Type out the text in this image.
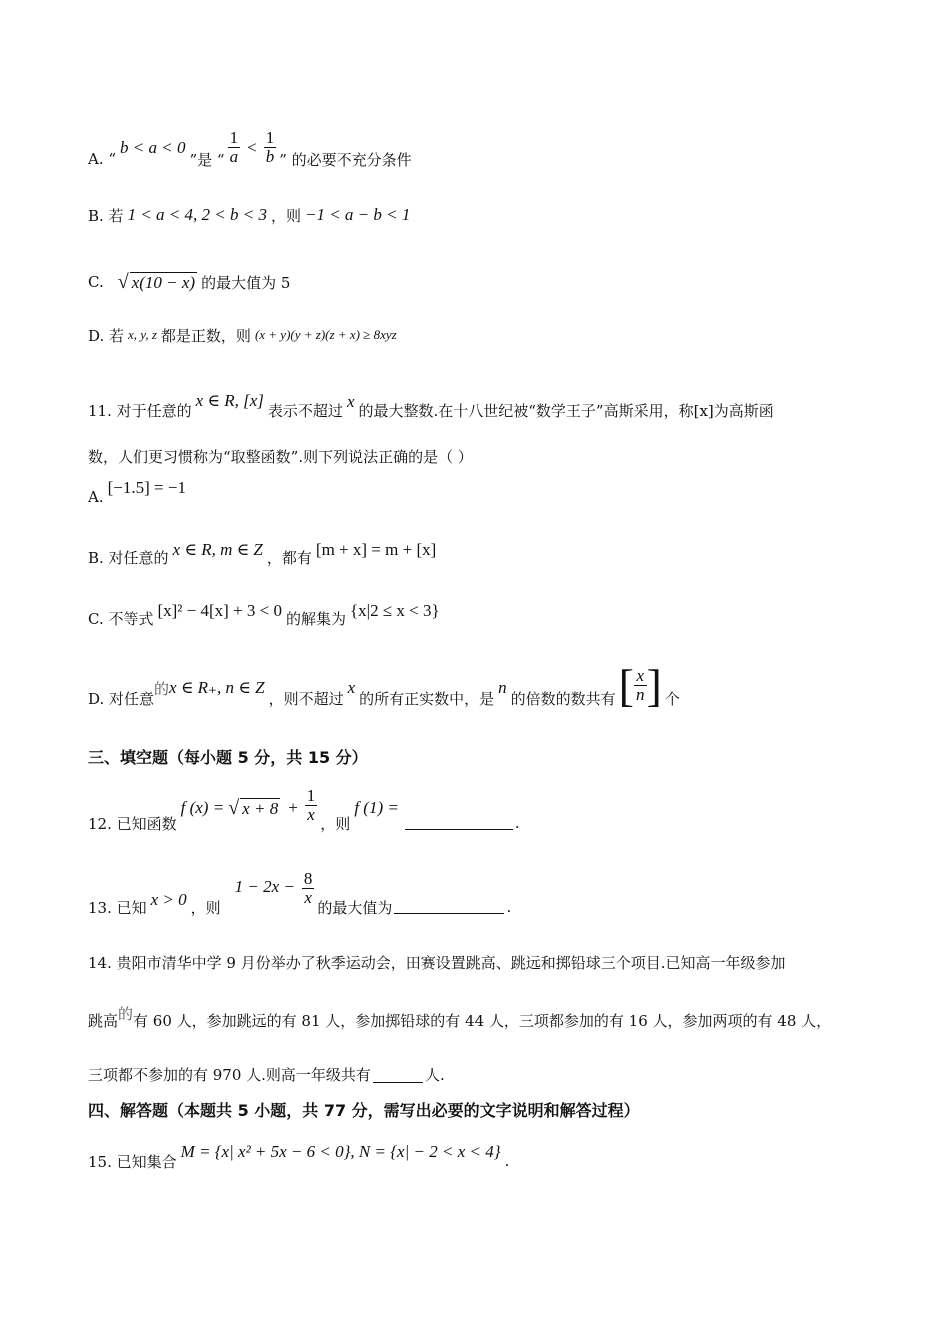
A. “
b < a < 0
”是 “ $\frac{1}{a} < \frac{1}{b}$ ” 的必要不充分条件
B. 若 1 < a < 4, 2 < b < 3 ，则 −1 < a − b < 1
C. √ x(10 − x) 的最大值为 5
D. 若 x, y, z 都是正数，则 (x + y)(y + z)(z + x) ≥ 8xyz
11. 对于任意的
x ∈ R, [x]
表示不超过 x 的最大整数.在十八世纪被“数学王子”高斯采用，称[x]为高斯函
数，人们更习惯称为“取整函数”.则下列说法正确的是（ ）
A. [−1.5] = −1
B. 对任意的 x ∈ R, m ∈ Z ，都有 [m + x] = m + [x]
C. 不等式 [x]² − 4[x] + 3 < 0 的解集为 {x|2 ≤ x < 3}
D. 对任意
的 x ∈ R₊, n ∈ Z
，则不超过
x
的所有正实数中，是
n
的倍数的数共有 [ $\frac{x}{n}$ ] 个
三、填空题（每小题 5 分，共 15 分）
12. 已知函数
f (x) = √ $x + 8 + \frac{1}{x}$ ，则
f (1) =
.
13. 已知 x > 0 ，则
$1 - 2x - \frac{8}{x}$ 的最大值为	.
14. 贵阳市清华中学 9 月份举办了秋季运动会，田赛设置跳高、跳远和掷铅球三个项目.已知高一年级参加
跳高 的 有 60 人，参加跳远的有 81 人，参加掷铅球的有 44 人，三项都参加的有 16 人，参加两项的有 48 人，
三项都不参加的有 970 人.则高一年级共有	人.
四、解答题（本题共 5 小题，共 77 分，需写出必要的文字说明和解答过程）
15. 已知集合
M = {x| x² + 5x − 6 < 0}, N = {x| − 2 < x < 4} .
